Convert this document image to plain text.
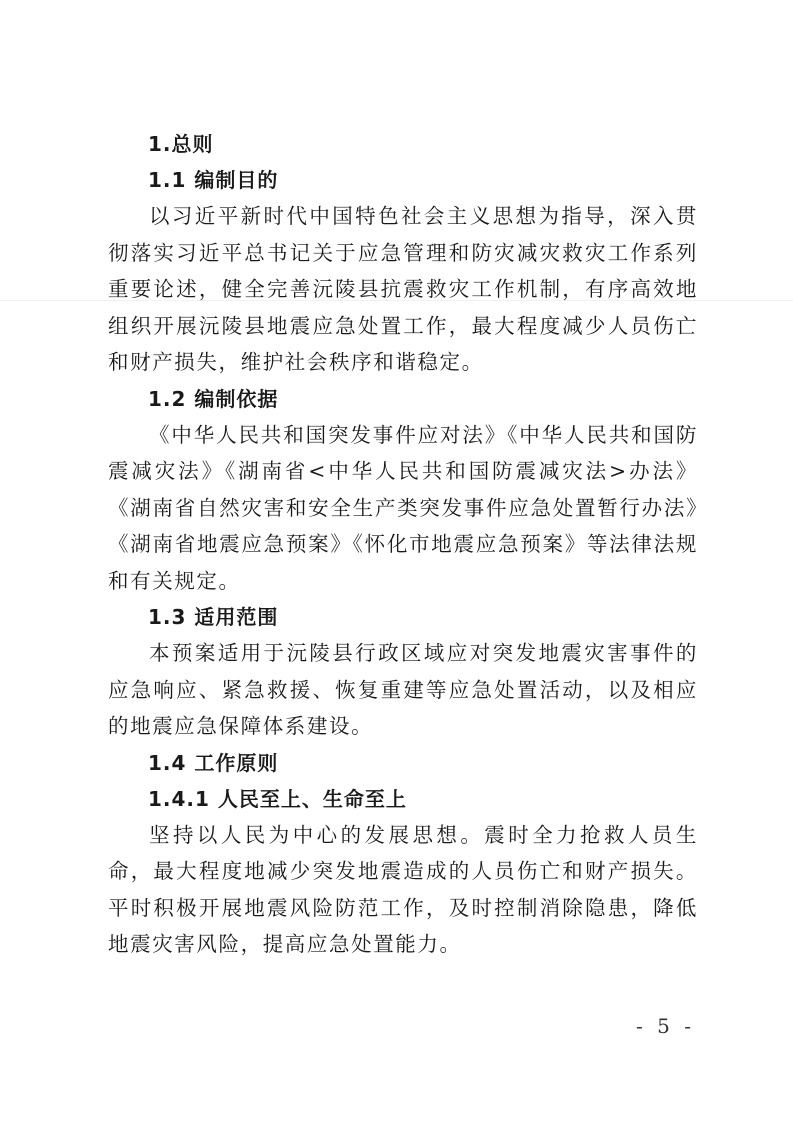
1.总则
1.1 编制目的

以习近平新时代中国特色社会主义思想为指导，深入贯彻落实习近平总书记关于应急管理和防灾减灾救灾工作系列重要论述，健全完善沅陵县抗震救灾工作机制，有序高效地组织开展沅陵县地震应急处置工作，最大程度减少人员伤亡和财产损失，维护社会秩序和谐稳定。

1.2 编制依据

《中华人民共和国突发事件应对法》《中华人民共和国防震减灾法》《湖南省<中华人民共和国防震减灾法>办法》《湖南省自然灾害和安全生产类突发事件应急处置暂行办法》《湖南省地震应急预案》《怀化市地震应急预案》等法律法规和有关规定。

1.3 适用范围

本预案适用于沅陵县行政区域应对突发地震灾害事件的应急响应、紧急救援、恢复重建等应急处置活动，以及相应的地震应急保障体系建设。

1.4 工作原则
1.4.1 人民至上、生命至上

坚持以人民为中心的发展思想。震时全力抢救人员生命，最大程度地减少突发地震造成的人员伤亡和财产损失。平时积极开展地震风险防范工作，及时控制消除隐患，降低地震灾害风险，提高应急处置能力。

- 5 -
